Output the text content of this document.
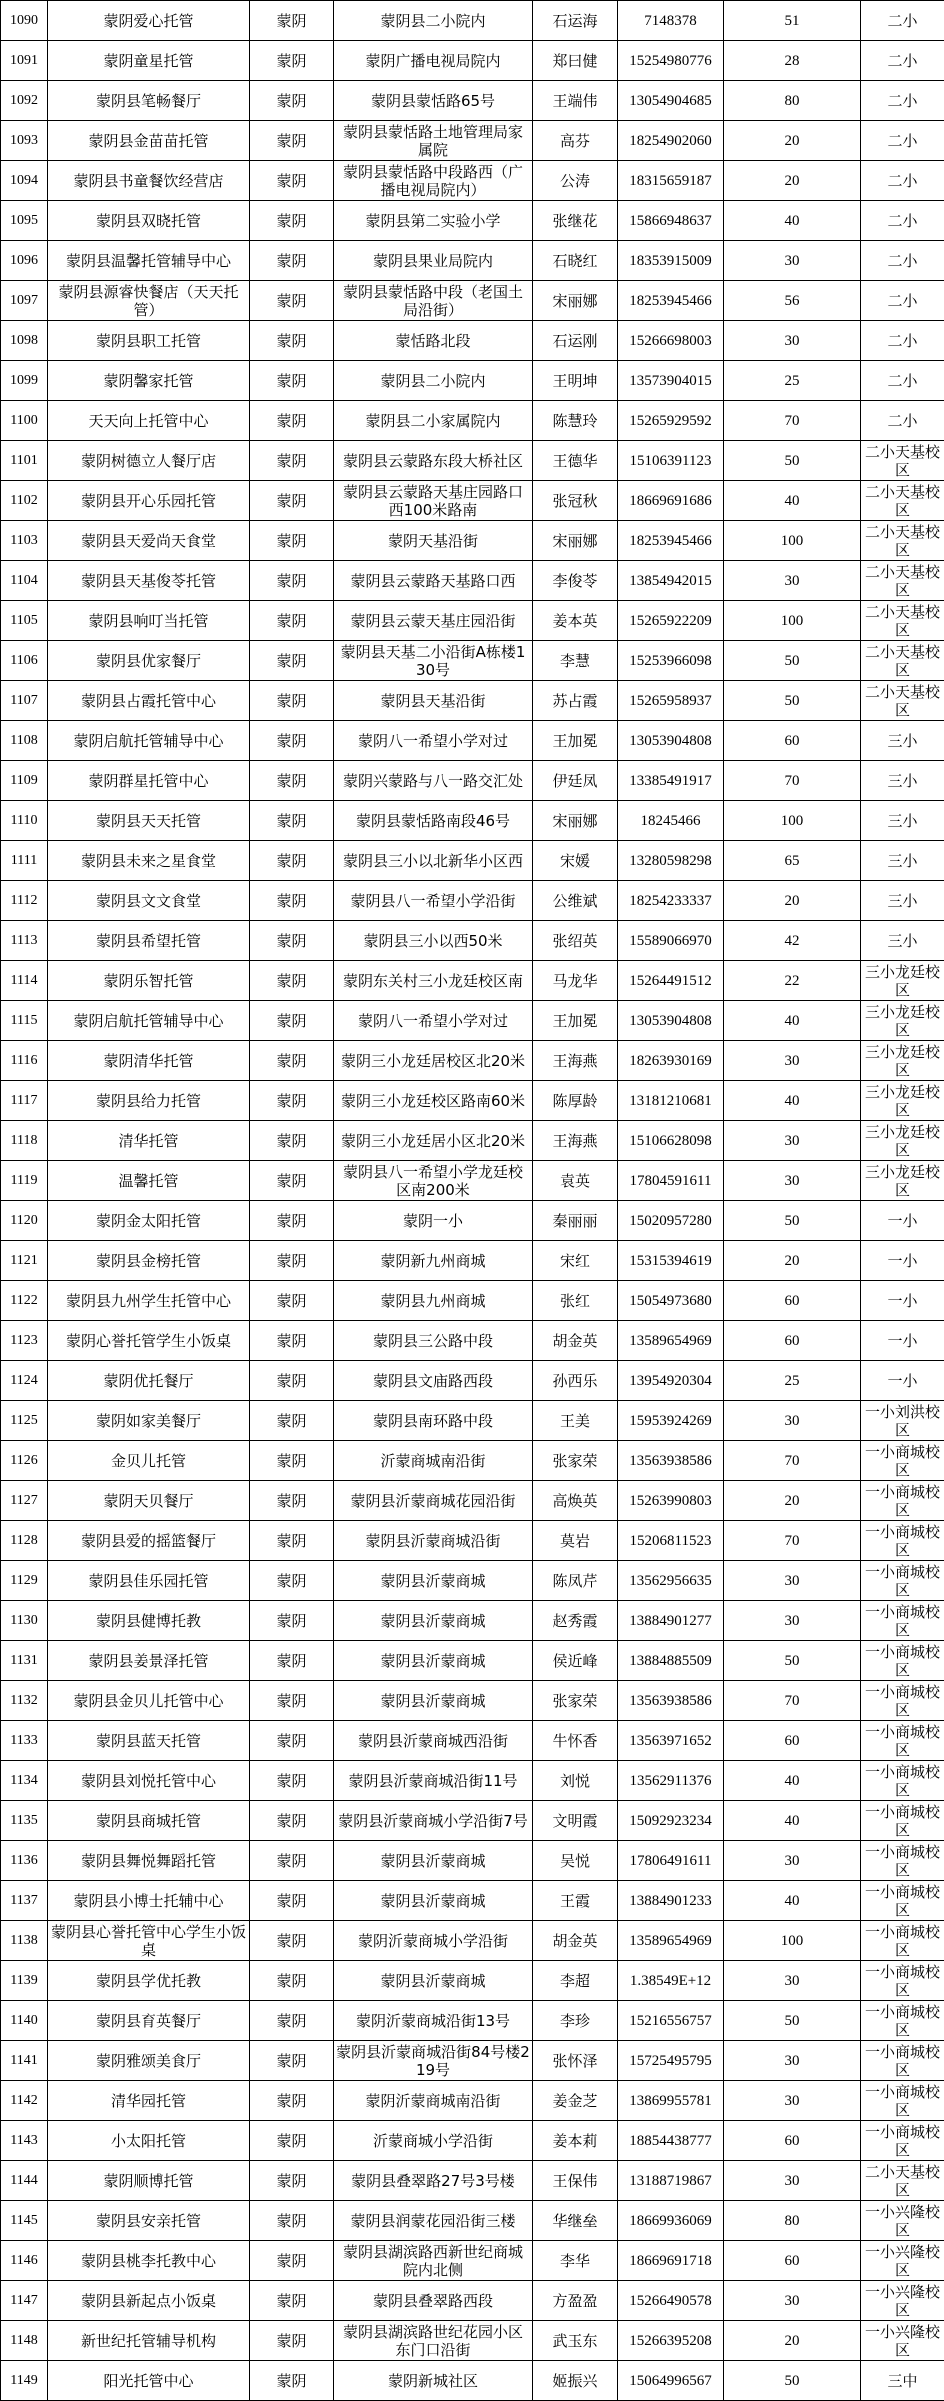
1090	蒙阴爱心托管	蒙阴	蒙阴县二小院内	石运海	7148378	51	二小
1091	蒙阴童星托管	蒙阴	蒙阴广播电视局院内	郑曰健	15254980776	28	二小
1092	蒙阴县笔畅餐厅	蒙阴	蒙阴县蒙恬路65号	王端伟	13054904685	80	二小
1093	蒙阴县金苗苗托管	蒙阴	蒙阴县蒙恬路土地管理局家属院	高芬	18254902060	20	二小
1094	蒙阴县书童餐饮经营店	蒙阴	蒙阴县蒙恬路中段路西（广播电视局院内）	公涛	18315659187	20	二小
1095	蒙阴县双晓托管	蒙阴	蒙阴县第二实验小学	张继花	15866948637	40	二小
1096	蒙阴县温馨托管辅导中心	蒙阴	蒙阴县果业局院内	石晓红	18353915009	30	二小
1097	蒙阴县源睿快餐店（天天托管）	蒙阴	蒙阴县蒙恬路中段（老国土局沿街）	宋丽娜	18253945466	56	二小
1098	蒙阴县职工托管	蒙阴	蒙恬路北段	石运刚	15266698003	30	二小
1099	蒙阴馨家托管	蒙阴	蒙阴县二小院内	王明坤	13573904015	25	二小
1100	天天向上托管中心	蒙阴	蒙阴县二小家属院内	陈慧玲	15265929592	70	二小
1101	蒙阴树德立人餐厅店	蒙阴	蒙阴县云蒙路东段大桥社区	王德华	15106391123	50	二小天基校区
1102	蒙阴县开心乐园托管	蒙阴	蒙阴县云蒙路天基庄园路口西100米路南	张冠秋	18669691686	40	二小天基校区
1103	蒙阴县天爱尚天食堂	蒙阴	蒙阴天基沿街	宋丽娜	18253945466	100	二小天基校区
1104	蒙阴县天基俊苓托管	蒙阴	蒙阴县云蒙路天基路口西	李俊苓	13854942015	30	二小天基校区
1105	蒙阴县响叮当托管	蒙阴	蒙阴县云蒙天基庄园沿街	姜本英	15265922209	100	二小天基校区
1106	蒙阴县优家餐厅	蒙阴	蒙阴县天基二小沿街A栋楼130号	李慧	15253966098	50	二小天基校区
1107	蒙阴县占霞托管中心	蒙阴	蒙阴县天基沿街	苏占霞	15265958937	50	二小天基校区
1108	蒙阴启航托管辅导中心	蒙阴	蒙阴八一希望小学对过	王加冕	13053904808	60	三小
1109	蒙阴群星托管中心	蒙阴	蒙阴兴蒙路与八一路交汇处	伊廷凤	13385491917	70	三小
1110	蒙阴县天天托管	蒙阴	蒙阴县蒙恬路南段46号	宋丽娜	18245466	100	三小
1111	蒙阴县未来之星食堂	蒙阴	蒙阴县三小以北新华小区西	宋媛	13280598298	65	三小
1112	蒙阴县文文食堂	蒙阴	蒙阴县八一希望小学沿街	公维斌	18254233337	20	三小
1113	蒙阴县希望托管	蒙阴	蒙阴县三小以西50米	张绍英	15589066970	42	三小
1114	蒙阴乐智托管	蒙阴	蒙阴东关村三小龙廷校区南	马龙华	15264491512	22	三小龙廷校区
1115	蒙阴启航托管辅导中心	蒙阴	蒙阴八一希望小学对过	王加冕	13053904808	40	三小龙廷校区
1116	蒙阴清华托管	蒙阴	蒙阴三小龙廷居校区北20米	王海燕	18263930169	30	三小龙廷校区
1117	蒙阴县给力托管	蒙阴	蒙阴三小龙廷校区路南60米	陈厚龄	13181210681	40	三小龙廷校区
1118	清华托管	蒙阴	蒙阴三小龙廷居小区北20米	王海燕	15106628098	30	三小龙廷校区
1119	温馨托管	蒙阴	蒙阴县八一希望小学龙廷校区南200米	袁英	17804591611	30	三小龙廷校区
1120	蒙阴金太阳托管	蒙阴	蒙阴一小	秦丽丽	15020957280	50	一小
1121	蒙阴县金榜托管	蒙阴	蒙阴新九州商城	宋红	15315394619	20	一小
1122	蒙阴县九州学生托管中心	蒙阴	蒙阴县九州商城	张红	15054973680	60	一小
1123	蒙阴心誉托管学生小饭桌	蒙阴	蒙阴县三公路中段	胡金英	13589654969	60	一小
1124	蒙阴优托餐厅	蒙阴	蒙阴县文庙路西段	孙西乐	13954920304	25	一小
1125	蒙阴如家美餐厅	蒙阴	蒙阴县南环路中段	王美	15953924269	30	一小刘洪校区
1126	金贝儿托管	蒙阴	沂蒙商城南沿街	张家荣	13563938586	70	一小商城校区
1127	蒙阴天贝餐厅	蒙阴	蒙阴县沂蒙商城花园沿街	高焕英	15263990803	20	一小商城校区
1128	蒙阴县爱的摇篮餐厅	蒙阴	蒙阴县沂蒙商城沿街	莫岩	15206811523	70	一小商城校区
1129	蒙阴县佳乐园托管	蒙阴	蒙阴县沂蒙商城	陈凤芹	13562956635	30	一小商城校区
1130	蒙阴县健博托教	蒙阴	蒙阴县沂蒙商城	赵秀霞	13884901277	30	一小商城校区
1131	蒙阴县姜景泽托管	蒙阴	蒙阴县沂蒙商城	侯近峰	13884885509	50	一小商城校区
1132	蒙阴县金贝儿托管中心	蒙阴	蒙阴县沂蒙商城	张家荣	13563938586	70	一小商城校区
1133	蒙阴县蓝天托管	蒙阴	蒙阴县沂蒙商城西沿街	牛怀香	13563971652	60	一小商城校区
1134	蒙阴县刘悦托管中心	蒙阴	蒙阴县沂蒙商城沿街11号	刘悦	13562911376	40	一小商城校区
1135	蒙阴县商城托管	蒙阴	蒙阴县沂蒙商城小学沿街7号	文明霞	15092923234	40	一小商城校区
1136	蒙阴县舞悦舞蹈托管	蒙阴	蒙阴县沂蒙商城	吴悦	17806491611	30	一小商城校区
1137	蒙阴县小博士托辅中心	蒙阴	蒙阴县沂蒙商城	王霞	13884901233	40	一小商城校区
1138	蒙阴县心誉托管中心学生小饭桌	蒙阴	蒙阴沂蒙商城小学沿街	胡金英	13589654969	100	一小商城校区
1139	蒙阴县学优托教	蒙阴	蒙阴县沂蒙商城	李超	1.38549E+12	30	一小商城校区
1140	蒙阴县育英餐厅	蒙阴	蒙阴沂蒙商城沿街13号	李珍	15216556757	50	一小商城校区
1141	蒙阴雅颂美食厅	蒙阴	蒙阴县沂蒙商城沿街84号楼219号	张怀泽	15725495795	30	一小商城校区
1142	清华园托管	蒙阴	蒙阴沂蒙商城南沿街	姜金芝	13869955781	30	一小商城校区
1143	小太阳托管	蒙阴	沂蒙商城小学沿街	姜本莉	18854438777	60	一小商城校区
1144	蒙阴顺博托管	蒙阴	蒙阴县叠翠路27号3号楼	王保伟	13188719867	30	二小天基校区
1145	蒙阴县安亲托管	蒙阴	蒙阴县润蒙花园沿街三楼	华继垒	18669936069	80	一小兴隆校区
1146	蒙阴县桃李托教中心	蒙阴	蒙阴县湖滨路西新世纪商城院内北侧	李华	18669691718	60	一小兴隆校区
1147	蒙阴县新起点小饭桌	蒙阴	蒙阴县叠翠路西段	方盈盈	15266490578	30	一小兴隆校区
1148	新世纪托管辅导机构	蒙阴	蒙阴县湖滨路世纪花园小区东门口沿街	武玉东	15266395208	20	一小兴隆校区
1149	阳光托管中心	蒙阴	蒙阴新城社区	姬振兴	15064996567	50	三中
